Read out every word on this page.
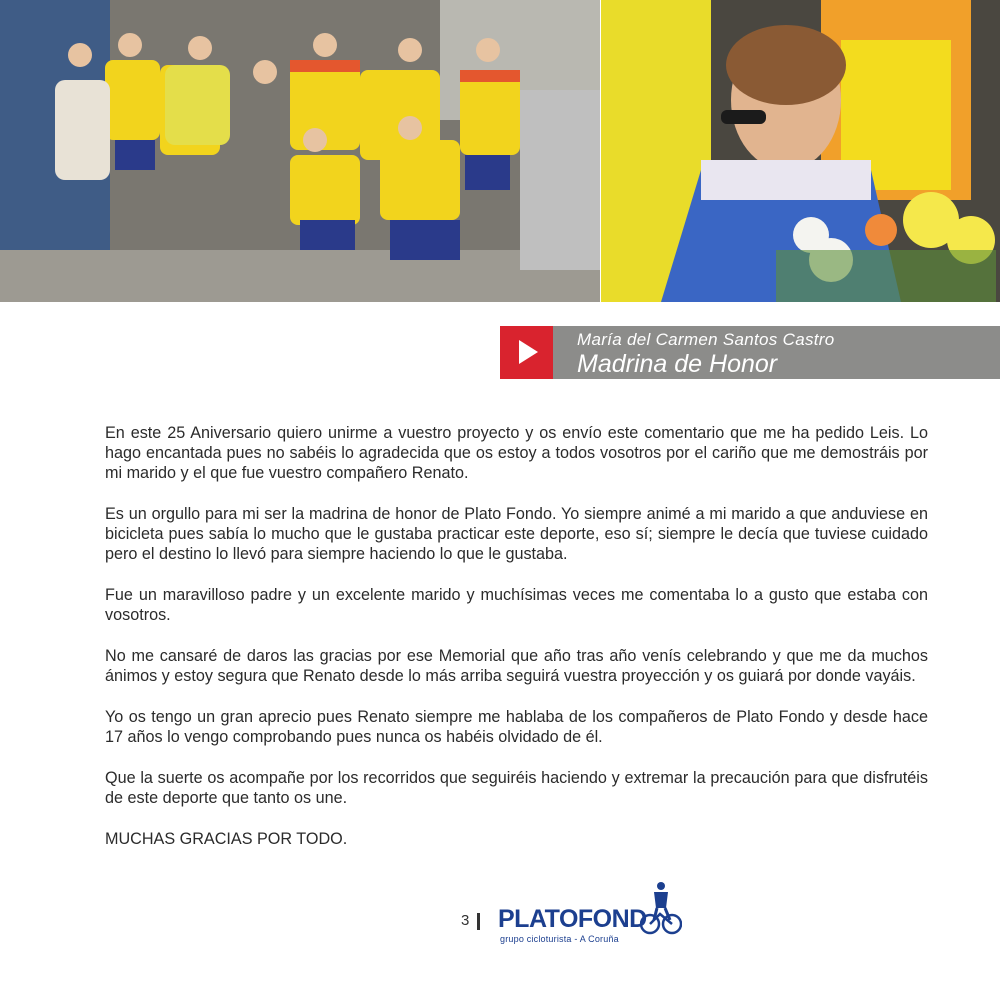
María del Carmen Santos Castro
Madrina de Honor

En este 25 Aniversario quiero unirme a vuestro proyecto y os envío este comentario que me ha pedido Leis. Lo hago encantada pues no sabéis lo agradecida que os estoy a todos vosotros por el cariño que me demostráis por mi marido y el que fue vuestro compañero Renato.

Es un orgullo para mi ser la madrina de honor de Plato Fondo. Yo siempre animé a mi marido a que anduviese en bicicleta pues sabía lo mucho que le gustaba practicar este deporte, eso sí; siempre le decía que tuviese cuidado pero el destino lo llevó para siempre haciendo lo que le gustaba.

Fue un maravilloso padre y un excelente marido y muchísimas veces me comentaba lo a gusto que estaba con vosotros.

No me cansaré de daros las gracias por ese Memorial que año tras año venís celebrando y que me da muchos ánimos y estoy segura que Renato desde lo más arriba seguirá vuestra proyección y os guiará por donde vayáis.

Yo os tengo un gran aprecio pues Renato siempre me hablaba de los compañeros de Plato Fondo y desde hace 17 años lo vengo comprobando pues nunca os habéis olvidado de él.

Que la suerte os acompañe por los recorridos que seguiréis haciendo y extremar la precaución para que disfrutéis de este deporte que tanto os une.

MUCHAS GRACIAS POR TODO.

3 PLATOFOND
grupo cicloturista - A Coruña
